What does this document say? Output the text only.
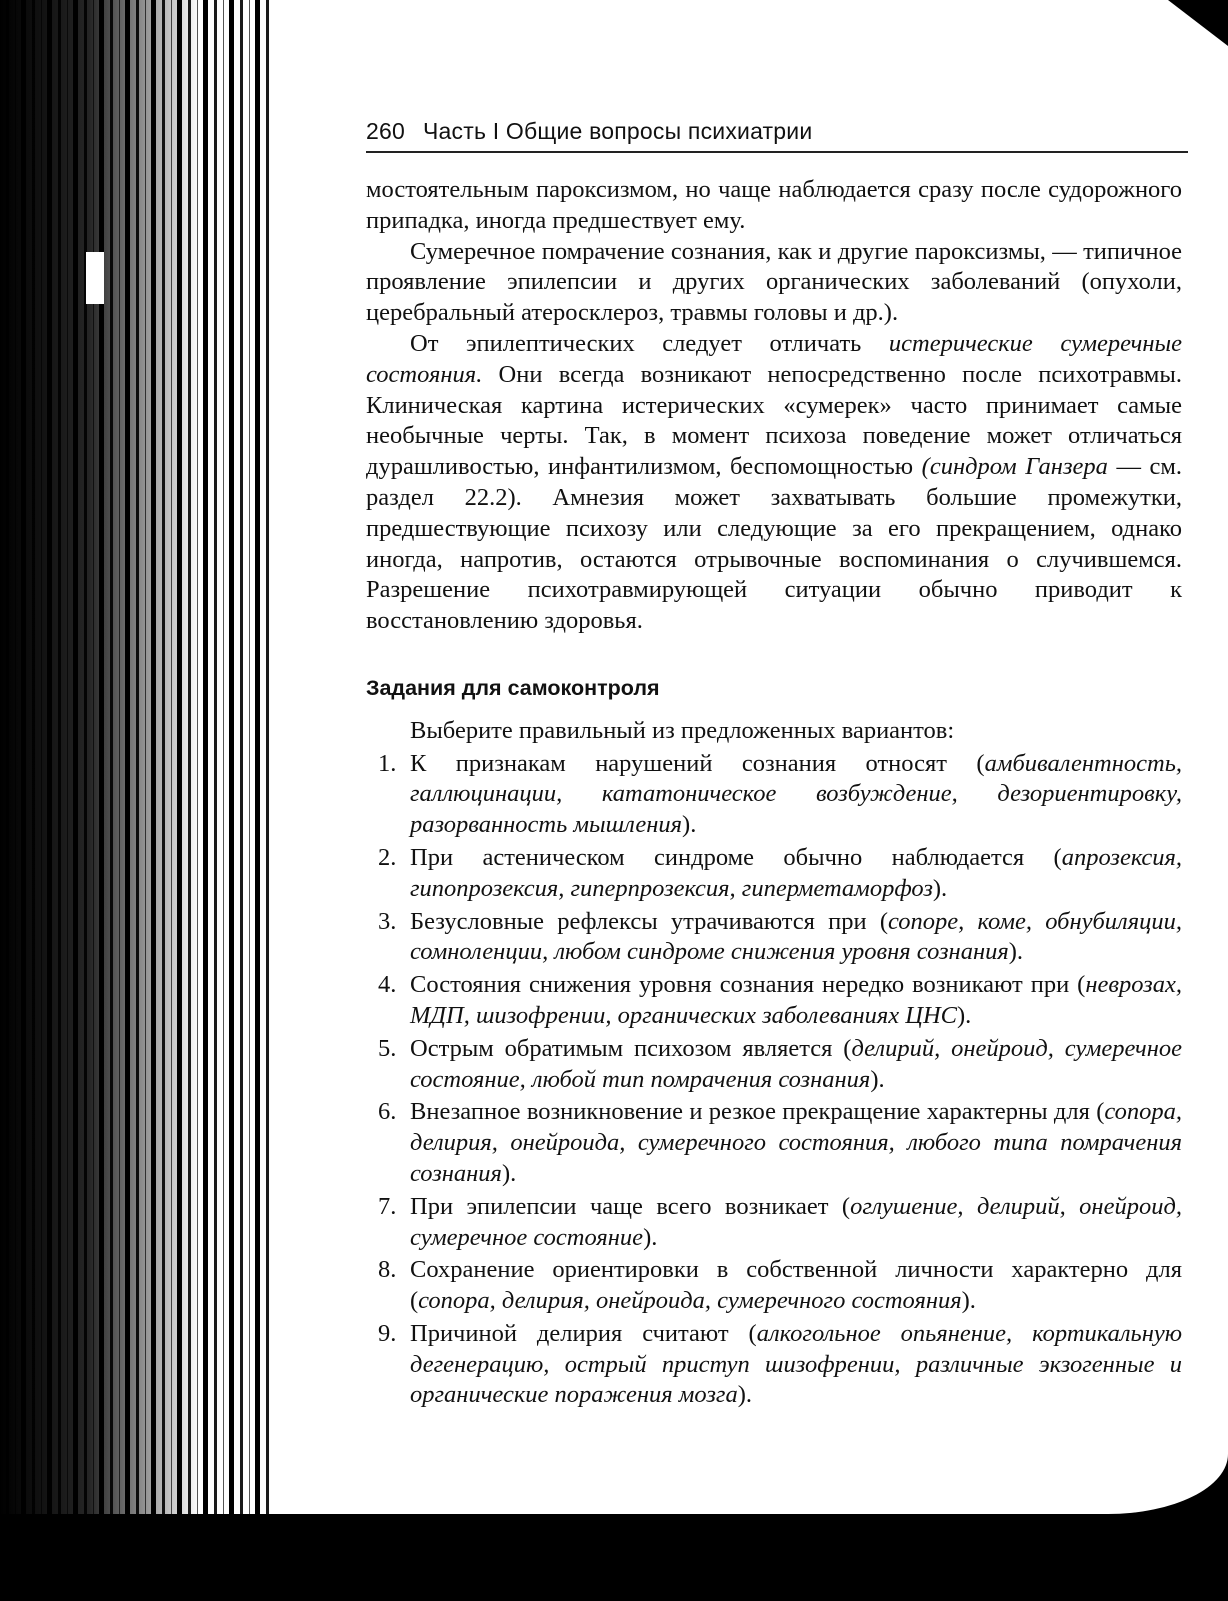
260 Часть I Общие вопросы психиатрии

мостоятельным пароксизмом, но чаще наблюдается сразу после судорожного припадка, иногда предшествует ему.

Сумеречное помрачение сознания, как и другие пароксизмы, — типичное проявление эпилепсии и других органических заболеваний (опухоли, церебральный атеросклероз, травмы головы и др.).

От эпилептических следует отличать истерические сумеречные состояния. Они всегда возникают непосредственно после психотравмы. Клиническая картина истерических «сумерек» часто принимает самые необычные черты. Так, в момент психоза поведение может отличаться дурашливостью, инфантилизмом, беспомощностью (синдром Ганзера — см. раздел 22.2). Амнезия может захватывать большие промежутки, предшествующие психозу или следующие за его прекращением, однако иногда, напротив, остаются отрывочные воспоминания о случившемся. Разрешение психотравмирующей ситуации обычно приводит к восстановлению здоровья.

Задания для самоконтроля

Выберите правильный из предложенных вариантов:

1 . К признакам нарушений сознания относят (амбивалентность, галлюцинации, кататоническое возбуждение, дезориентировку, разорванность мышления).
2 . При астеническом синдроме обычно наблюдается (апрозексия, гипопрозексия, гиперпрозексия, гиперметаморфоз).
3 . Безусловные рефлексы утрачиваются при (сопоре, коме, обнубиляции, сомноленции, любом синдроме снижения уровня сознания).
4 . Состояния снижения уровня сознания нередко возникают при (неврозах, МДП, шизофрении, органических заболеваниях ЦНС).
5 . Острым обратимым психозом является (делирий, онейроид, сумеречное состояние, любой тип помрачения сознания).
6 . Внезапное возникновение и резкое прекращение характерны для (сопора, делирия, онейроида, сумеречного состояния, любого типа помрачения сознания).
7 . При эпилепсии чаще всего возникает (оглушение, делирий, онейроид, сумеречное состояние).
8 . Сохранение ориентировки в собственной личности характерно для (сопора, делирия, онейроида, сумеречного состояния).
9 . Причиной делирия считают (алкогольное опьянение, кортикальную дегенерацию, острый приступ шизофрении, различные экзогенные и органические поражения мозга).
